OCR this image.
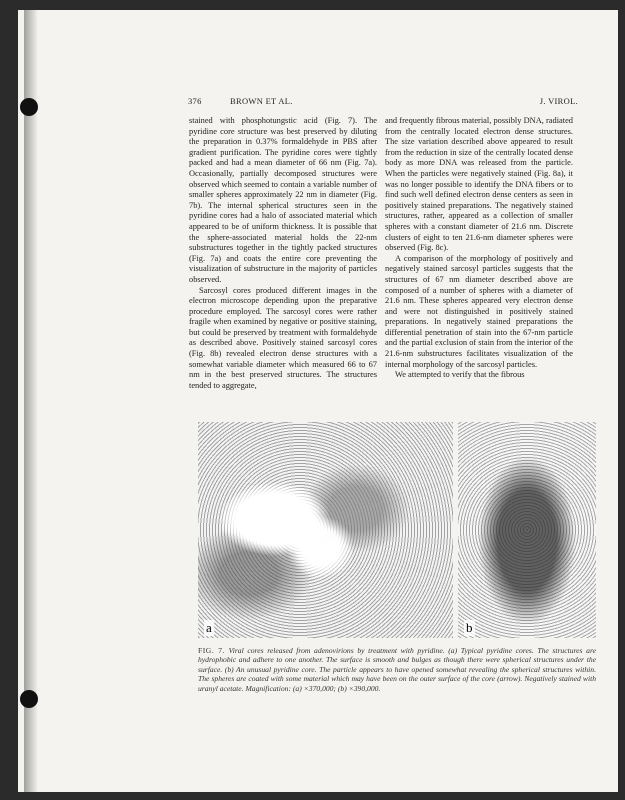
376	BROWN ET AL.	J. VIROL.

stained with phosphotungstic acid (Fig. 7). The pyridine core structure was best preserved by diluting the preparation in 0.37% formaldehyde in PBS after gradient purification. The pyridine cores were tightly packed and had a mean diameter of 66 nm (Fig. 7a). Occasionally, partially decomposed structures were observed which seemed to contain a variable number of smaller spheres approximately 22 nm in diameter (Fig. 7b). The internal spherical structures seen in the pyridine cores had a halo of associated material which appeared to be of uniform thickness. It is possible that the sphere-associated material holds the 22-nm substructures together in the tightly packed structures (Fig. 7a) and coats the entire core preventing the visualization of substructure in the majority of particles observed.

Sarcosyl cores produced different images in the electron microscope depending upon the preparative procedure employed. The sarcosyl cores were rather fragile when examined by negative or positive staining, but could be preserved by treatment with formaldehyde as described above. Positively stained sarcosyl cores (Fig. 8b) revealed electron dense structures with a somewhat variable diameter which measured 66 to 67 nm in the best preserved structures. The structures tended to aggregate,

and frequently fibrous material, possibly DNA, radiated from the centrally located electron dense structures. The size variation described above appeared to result from the reduction in size of the centrally located dense body as more DNA was released from the particle. When the particles were negatively stained (Fig. 8a), it was no longer possible to identify the DNA fibers or to find such well defined electron dense centers as seen in positively stained preparations. The negatively stained structures, rather, appeared as a collection of smaller spheres with a constant diameter of 21.6 nm. Discrete clusters of eight to ten 21.6-nm diameter spheres were observed (Fig. 8c).

A comparison of the morphology of positively and negatively stained sarcosyl particles suggests that the structures of 67 nm diameter described above are composed of a number of spheres with a diameter of 21.6 nm. These spheres appeared very electron dense and were not distinguished in positively stained preparations. In negatively stained preparations the differential penetration of stain into the 67-nm particle and the partial exclusion of stain from the interior of the 21.6-nm substructures facilitates visualization of the internal morphology of the sarcosyl particles.

We attempted to verify that the fibrous

a	b
FIG. 7. Viral cores released from adenovirions by treatment with pyridine. (a) Typical pyridine cores. The structures are hydrophobic and adhere to one another. The surface is smooth and bulges as though there were spherical structures under the surface. (b) An unusual pyridine core. The particle appears to have opened somewhat revealing the spherical structures within. The spheres are coated with some material which may have been on the outer surface of the core (arrow). Negatively stained with uranyl acetate. Magnification: (a) ×370,000; (b) ×390,000.
